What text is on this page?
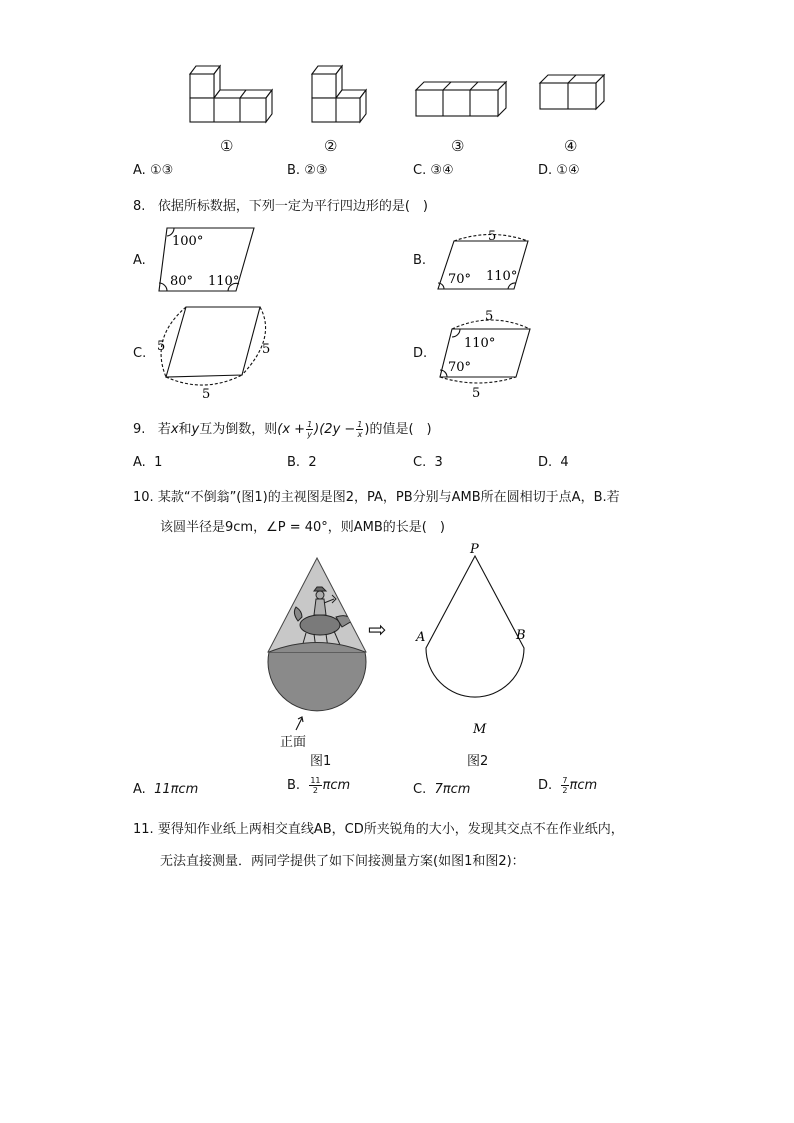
①	②	③	④
A. ①③	B. ②③	C. ③④	D. ①④
8. 依据所标数据，下列一定为平行四边形的是(　)
A.
100°
80° 110°
B.
5
70° 110°
C. 5	5
5
D.
5
110°
70°
5
9. 若x和y互为倒数，则$(x + \frac{1}{y} )(2y - \frac{1}{x}$ )的值是(　)
A. 1	B. 2	C. 3	D. 4
10. 某款“不倒翁”(图1)的主视图是图2，PA，PB分别与AMB所在圆相切于点A，B.若
该圆半径是9cm，∠P = 40°，则AMB的长是(　)
正面
图1
⇨
P
A	B
M
图2
A. 11πcm	B. $\frac{11}{2}$ πcm	C. 7πcm	D. $\frac{7}{2}$ πcm
11. 要得知作业纸上两相交直线AB，CD所夹锐角的大小，发现其交点不在作业纸内，
无法直接测量．两同学提供了如下间接测量方案(如图1和图2)：
